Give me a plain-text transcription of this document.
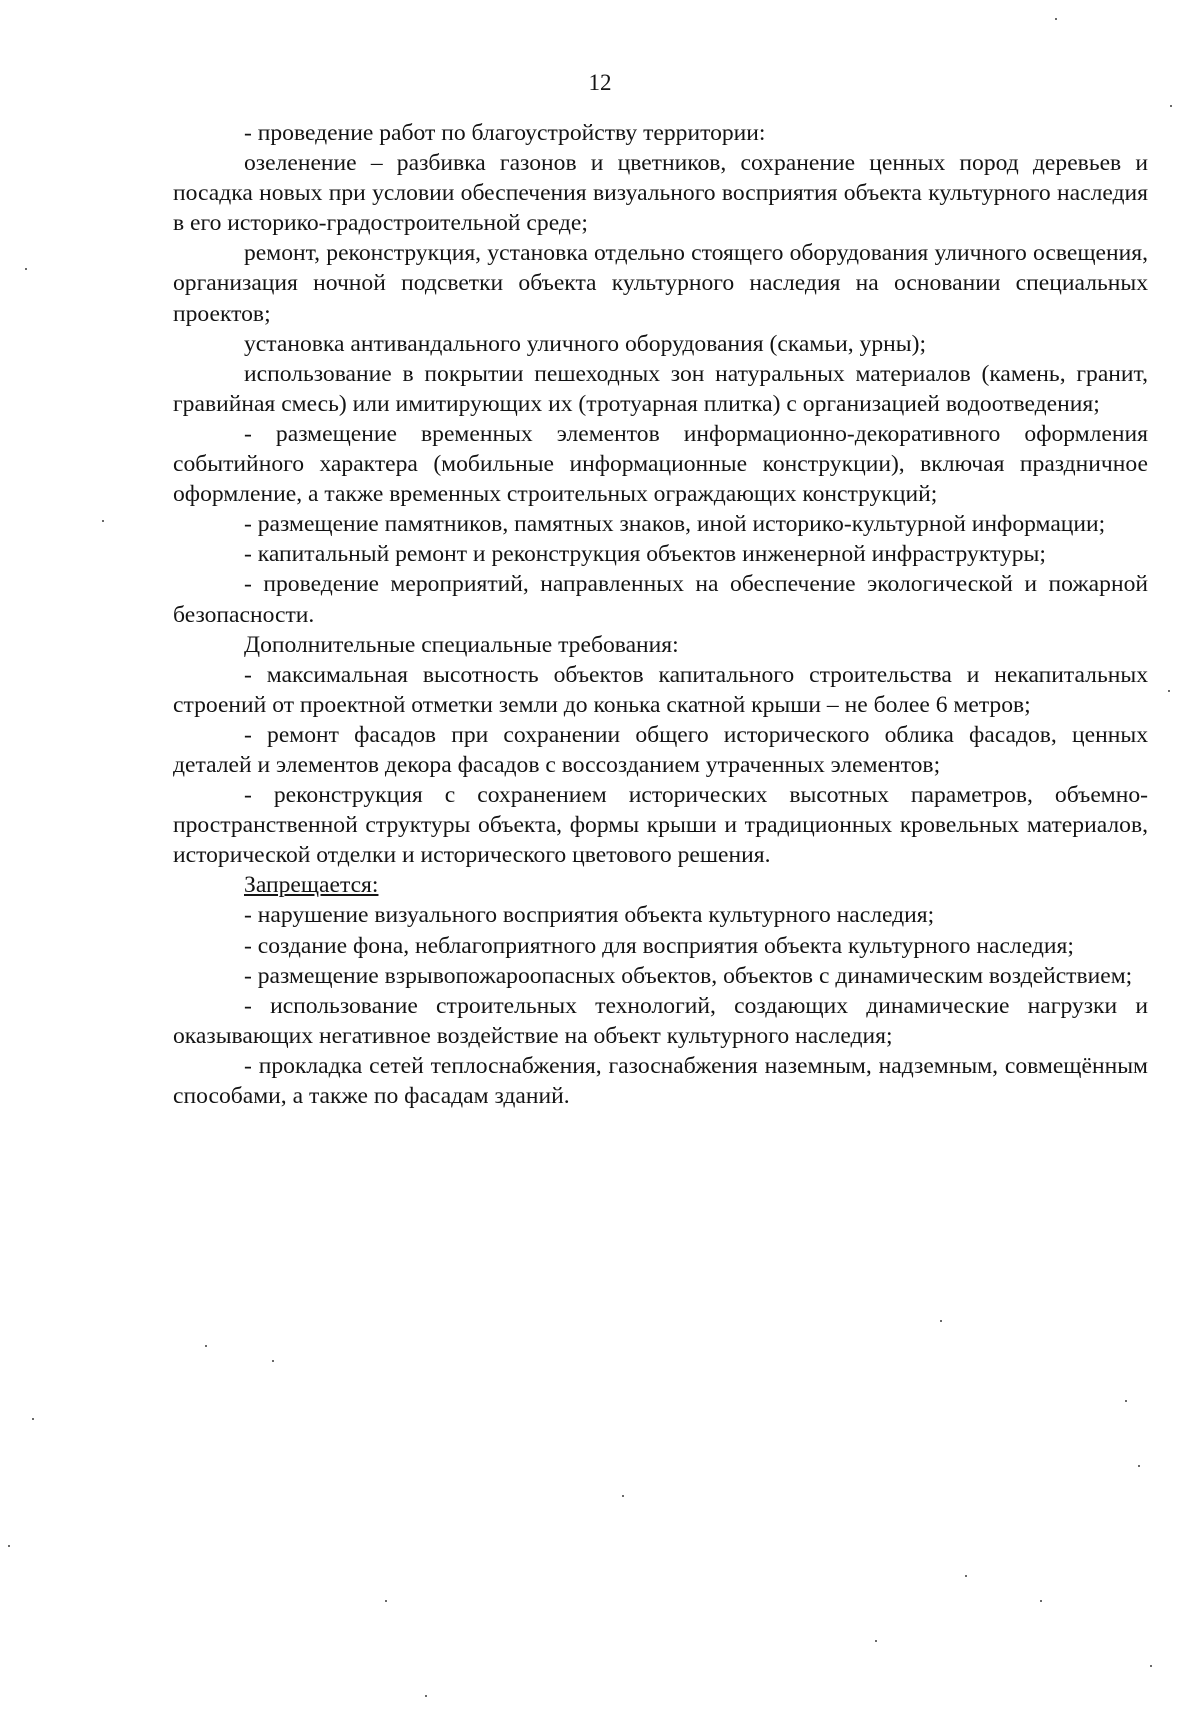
12

- проведение работ по благоустройству территории:

озеленение – разбивка газонов и цветников, сохранение ценных пород деревьев и посадка новых при условии обеспечения визуального восприятия объекта культурного наследия в его историко-градостроительной среде;

ремонт, реконструкция, установка отдельно стоящего оборудования уличного освещения, организация ночной подсветки объекта культурного наследия на основании специальных проектов;

установка антивандального уличного оборудования (скамьи, урны);

использование в покрытии пешеходных зон натуральных материалов (камень, гранит, гравийная смесь) или имитирующих их (тротуарная плитка) с организацией водоотведения;

- размещение временных элементов информационно-декоративного оформления событийного характера (мобильные информационные конструкции), включая праздничное оформление, а также временных строительных ограждающих конструкций;

- размещение памятников, памятных знаков, иной историко-культурной информации;

- капитальный ремонт и реконструкция объектов инженерной инфраструктуры;

- проведение мероприятий, направленных на обеспечение экологической и пожарной безопасности.

Дополнительные специальные требования:

- максимальная высотность объектов капитального строительства и некапитальных строений от проектной отметки земли до конька скатной крыши – не более 6 метров;

- ремонт фасадов при сохранении общего исторического облика фасадов, ценных деталей и элементов декора фасадов с воссозданием утраченных элементов;

- реконструкция с сохранением исторических высотных параметров, объемно-пространственной структуры объекта, формы крыши и традиционных кровельных материалов, исторической отделки и исторического цветового решения.

Запрещается:

- нарушение визуального восприятия объекта культурного наследия;

- создание фона, неблагоприятного для восприятия объекта культурного наследия;

- размещение взрывопожароопасных объектов, объектов с динамическим воздействием;

- использование строительных технологий, создающих динамические нагрузки и оказывающих негативное воздействие на объект культурного наследия;

- прокладка сетей теплоснабжения, газоснабжения наземным, надземным, совмещённым способами, а также по фасадам зданий.
